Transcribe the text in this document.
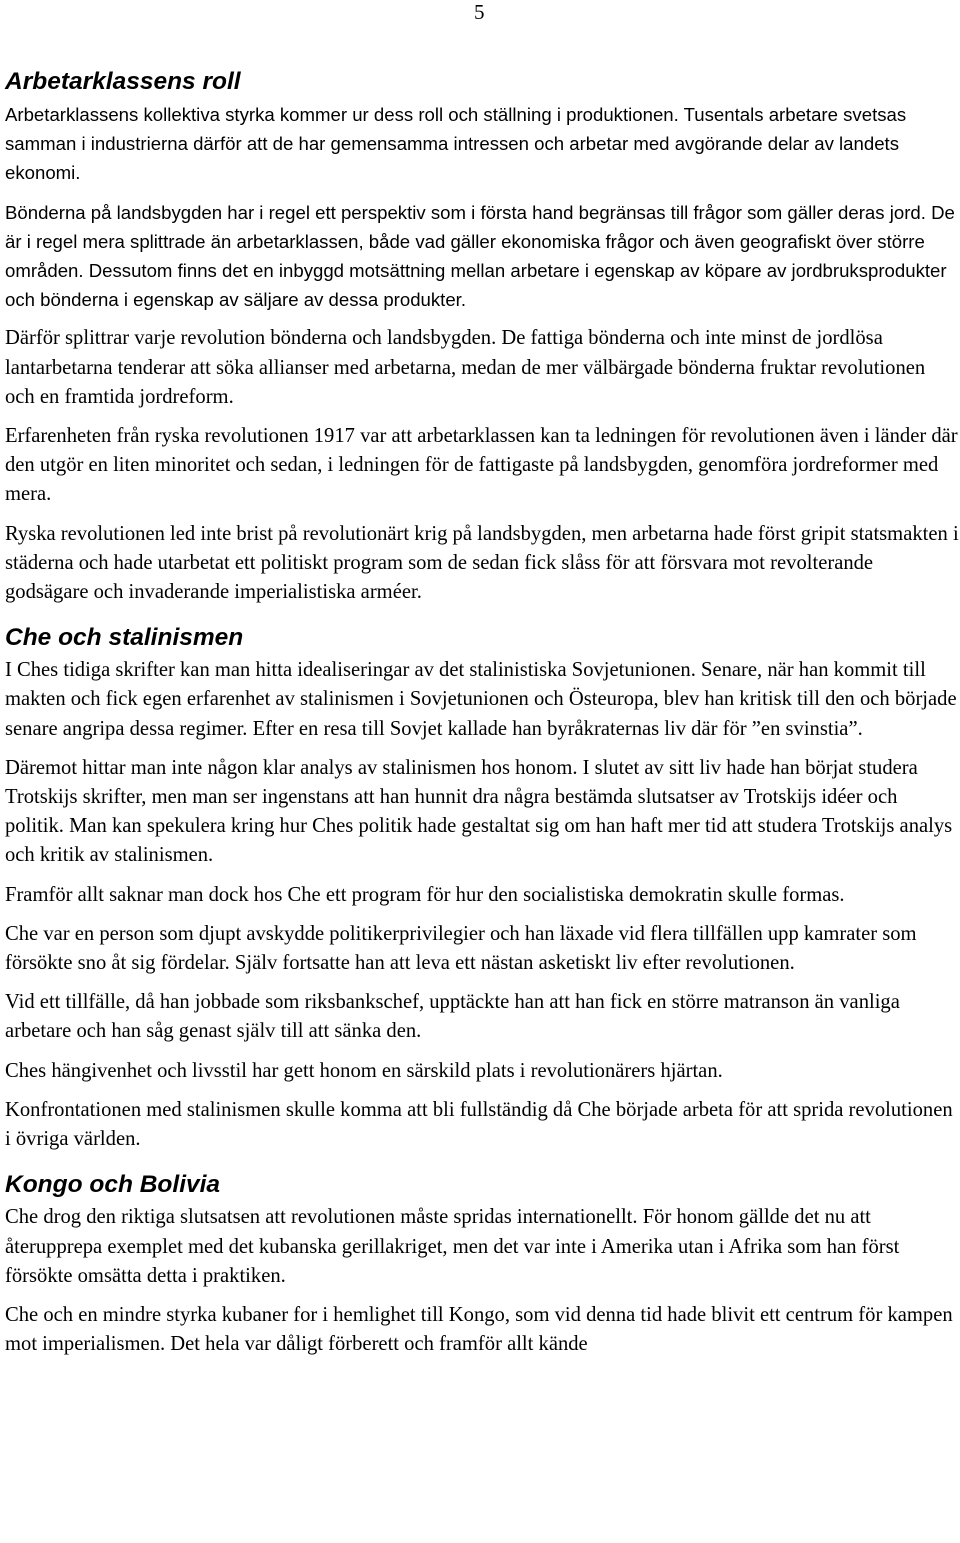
5
Arbetarklassens roll

Arbetarklassens kollektiva styrka kommer ur dess roll och ställning i produktionen. Tusentals arbetare svetsas samman i industrierna därför att de har gemensamma intressen och arbetar med avgörande delar av landets ekonomi.

Bönderna på landsbygden har i regel ett perspektiv som i första hand begränsas till frågor som gäller deras jord. De är i regel mera splittrade än arbetarklassen, både vad gäller ekonomiska frågor och även geografiskt över större områden. Dessutom finns det en inbyggd motsättning mellan arbetare i egenskap av köpare av jordbruksprodukter och bönderna i egenskap av säljare av dessa produkter.

Därför splittrar varje revolution bönderna och landsbygden. De fattiga bönderna och inte minst de jordlösa lantarbetarna tenderar att söka allianser med arbetarna, medan de mer välbärgade bönderna fruktar revolutionen och en framtida jordreform.

Erfarenheten från ryska revolutionen 1917 var att arbetarklassen kan ta ledningen för revolutionen även i länder där den utgör en liten minoritet och sedan, i ledningen för de fattigaste på landsbygden, genomföra jordreformer med mera.

Ryska revolutionen led inte brist på revolutionärt krig på landsbygden, men arbetarna hade först gripit statsmakten i städerna och hade utarbetat ett politiskt program som de sedan fick slåss för att försvara mot revolterande godsägare och invaderande imperialistiska arméer.

Che och stalinismen

I Ches tidiga skrifter kan man hitta idealiseringar av det stalinistiska Sovjetunionen. Senare, när han kommit till makten och fick egen erfarenhet av stalinismen i Sovjetunionen och Östeuropa, blev han kritisk till den och började senare angripa dessa regimer. Efter en resa till Sovjet kallade han byråkraternas liv där för ”en svinstia”.

Däremot hittar man inte någon klar analys av stalinismen hos honom. I slutet av sitt liv hade han börjat studera Trotskijs skrifter, men man ser ingenstans att han hunnit dra några bestämda slutsatser av Trotskijs idéer och politik. Man kan spekulera kring hur Ches politik hade gestaltat sig om han haft mer tid att studera Trotskijs analys och kritik av stalinismen.

Framför allt saknar man dock hos Che ett program för hur den socialistiska demokratin skulle formas.

Che var en person som djupt avskydde politikerprivilegier och han läxade vid flera tillfällen upp kamrater som försökte sno åt sig fördelar. Själv fortsatte han att leva ett nästan asketiskt liv efter revolutionen.

Vid ett tillfälle, då han jobbade som riksbankschef, upptäckte han att han fick en större matranson än vanliga arbetare och han såg genast själv till att sänka den.

Ches hängivenhet och livsstil har gett honom en särskild plats i revolutionärers hjärtan.

Konfrontationen med stalinismen skulle komma att bli fullständig då Che började arbeta för att sprida revolutionen i övriga världen.

Kongo och Bolivia

Che drog den riktiga slutsatsen att revolutionen måste spridas internationellt. För honom gällde det nu att återupprepa exemplet med det kubanska gerillakriget, men det var inte i Amerika utan i Afrika som han först försökte omsätta detta i praktiken.

Che och en mindre styrka kubaner for i hemlighet till Kongo, som vid denna tid hade blivit ett centrum för kampen mot imperialismen. Det hela var dåligt förberett och framför allt kände
